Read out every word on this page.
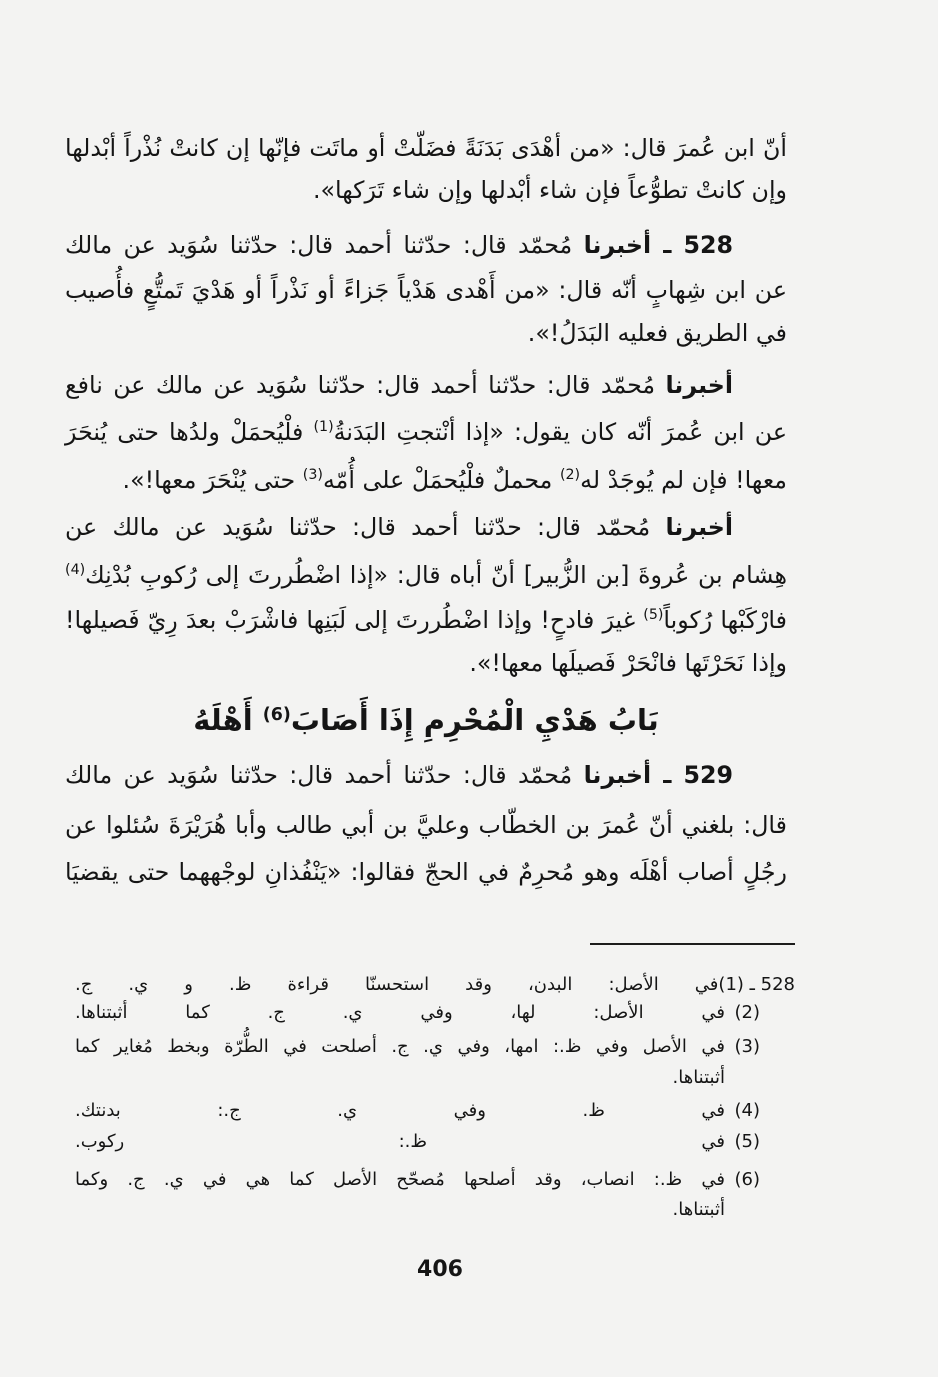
أنّ ابن عُمرَ قال: «من أهْدَى بَدَنَةً فضَلّتْ أو ماتَت فإنّها إن كانتْ نُذْراً أبْدلها
وإن كانتْ تطوُّعاً فإن شاء أبْدلها وإن شاء تَرَكها».
528 ـ أخبرنا مُحمّد قال: حدّثنا أحمد قال: حدّثنا سُوَيد عن مالك
عن ابن شِهابٍ أنّه قال: «من أَهْدى هَدْياً جَزاءً أو نَذْراً أو هَدْيَ تَمتُّعٍ فأُصيب
في الطريق فعليه البَدَلُ!».
أخبرنا مُحمّد قال: حدّثنا أحمد قال: حدّثنا سُوَيد عن مالك عن نافع
عن ابن عُمرَ أنّه كان يقول: «إذا أنْتجتِ البَدَنةُ$^{(1)}$ فلْيُحمَلْ ولدُها حتى يُنحَرَ
معها! فإن لم يُوجَدْ له$^{(2)}$ محملٌ فلْيُحمَلْ على أُمّه$^{(3)}$ حتى يُنْحَرَ معها!».
أخبرنا مُحمّد قال: حدّثنا أحمد قال: حدّثنا سُوَيد عن مالك عن
هِشام بن عُروةَ [بن الزُّبير] أنّ أباه قال: «إذا اضْطُررتَ إلى رُكوبِ بُدْنِك$^{(4)}$
فارْكَبْها رُكوباً$^{(5)}$ غيرَ فادحٍ! وإذا اضْطُررتَ إلى لَبَنِها فاشْرَبْ بعدَ رِيّ فَصيلها!
وإذا نَحَرْتَها فانْحَرْ فَصيلَها معها!».
بَابُ هَدْيِ الْمُحْرِمِ إِذَا أَصَابَ$^{(6)}$ أَهْلَهُ
529 ـ أخبرنا مُحمّد قال: حدّثنا أحمد قال: حدّثنا سُوَيد عن مالك
قال: بلغني أنّ عُمرَ بن الخطّاب وعليَّ بن أبي طالب وأبا هُرَيْرَةَ سُئلوا عن
رجُلٍ أصاب أهْلَه وهو مُحرِمٌ في الحجّ فقالوا: «يَنْفُذانِ لوجْههما حتى يقضيَا
528 ـ (1)في الأصل: البدن، وقد استحسنّا قراءة ظ. و ي. ج.
(2)في الأصل: لها، وفي ي. ج. كما أثبتناها.
(3)في الأصل وفي ظ.: امها، وفي ي. ج. أصلحت في الطُّرّة وبخط مُغاير كما
أثبتناها.
(4)في ظ. وفي ي. ج.: بدنتك.
(5)في ظ.: ركوب.
(6)في ظ.: انصاب، وقد أصلحها مُصحّح الأصل كما هي في ي. ج. وكما
أثبتناها.
406
